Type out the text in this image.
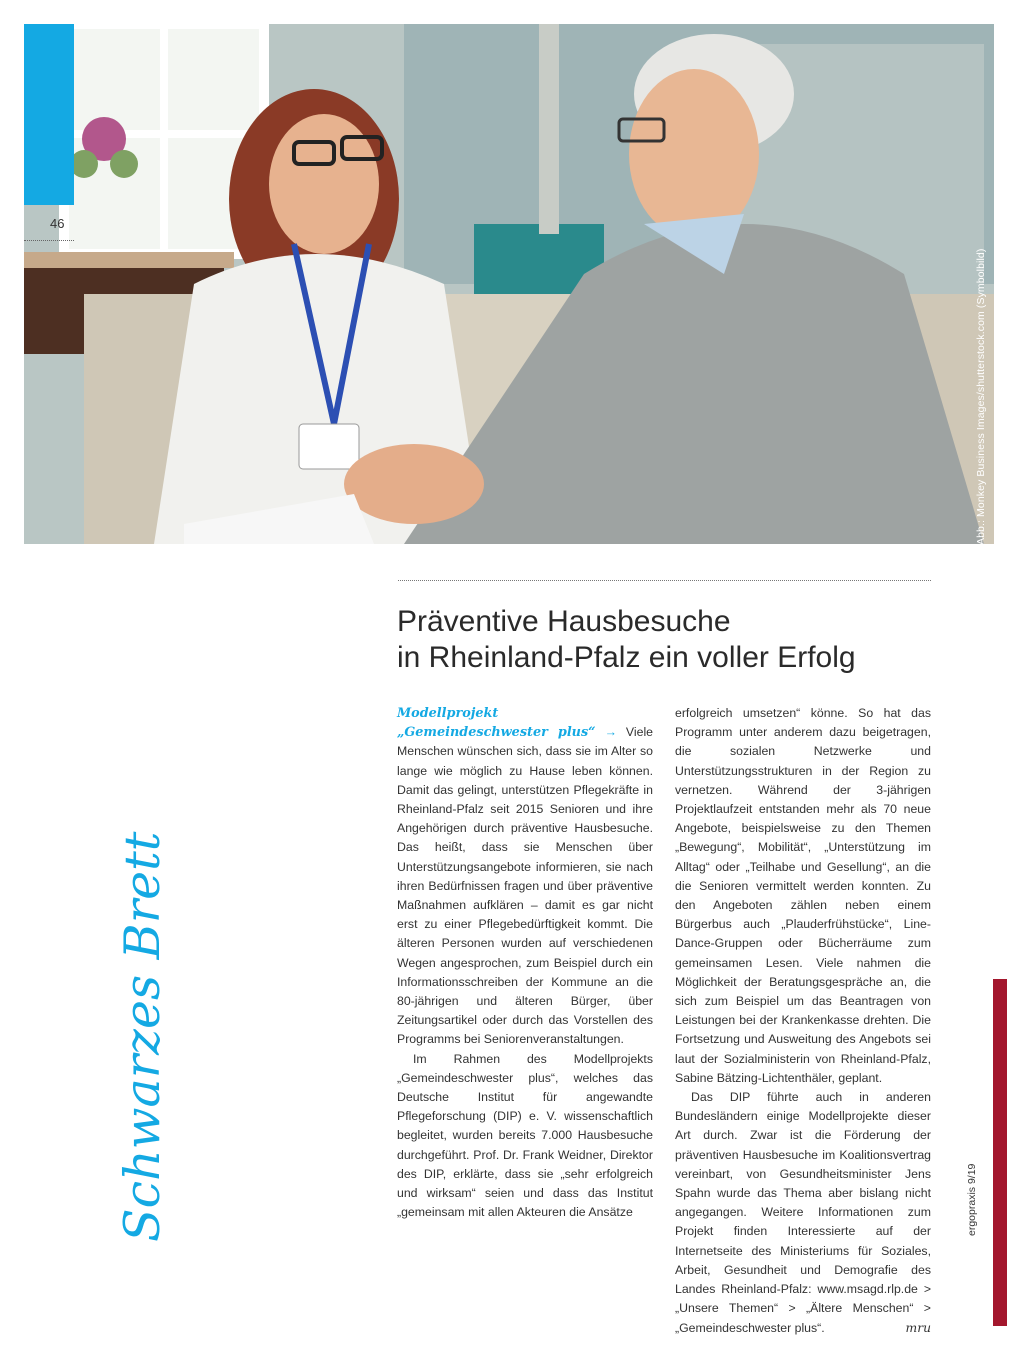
46
Abb.: Monkey Business Images/shutterstock.com (Symbolbild)
Schwarzes Brett
Präventive Hausbesuche
in Rheinland-Pfalz ein voller Erfolg

Modellprojekt „Gemeindeschwester plus“ → Viele Menschen wünschen sich, dass sie im Alter so lange wie möglich zu Hause leben können. Damit das gelingt, unterstützen Pflegekräfte in Rheinland-Pfalz seit 2015 Senioren und ihre Angehörigen durch präventive Hausbesuche. Das heißt, dass sie Menschen über Unterstützungsangebote informieren, sie nach ihren Bedürfnissen fragen und über präventive Maßnahmen aufklären – damit es gar nicht erst zu einer Pflegebedürftigkeit kommt. Die älteren Personen wurden auf verschiedenen Wegen angesprochen, zum Beispiel durch ein Informationsschreiben der Kommune an die 80-jährigen und älteren Bürger, über Zeitungsartikel oder durch das Vorstellen des Programms bei Seniorenveranstaltungen.

Im Rahmen des Modellprojekts „Gemeindeschwester plus“, welches das Deutsche Institut für angewandte Pflegeforschung (DIP) e. V. wissenschaftlich begleitet, wurden bereits 7.000 Hausbesuche durchgeführt. Prof. Dr. Frank Weidner, Direktor des DIP, erklärte, dass sie „sehr erfolgreich und wirksam“ seien und dass das Institut „gemeinsam mit allen Akteuren die Ansätze

erfolgreich umsetzen“ könne. So hat das Programm unter anderem dazu beigetragen, die sozialen Netzwerke und Unterstützungsstrukturen in der Region zu vernetzen. Während der 3-jährigen Projektlaufzeit entstanden mehr als 70 neue Angebote, beispielsweise zu den Themen „Bewegung“, Mobilität“, „Unterstützung im Alltag“ oder „Teilhabe und Gesellung“, an die die Senioren vermittelt werden konnten. Zu den Angeboten zählen neben einem Bürgerbus auch „Plauderfrühstücke“, Line-Dance-Gruppen oder Bücherräume zum gemeinsamen Lesen. Viele nahmen die Möglichkeit der Beratungsgespräche an, die sich zum Beispiel um das Beantragen von Leistungen bei der Krankenkasse drehten. Die Fortsetzung und Ausweitung des Angebots sei laut der Sozialministerin von Rheinland-Pfalz, Sabine Bätzing-Lichtenthäler, geplant.

Das DIP führte auch in anderen Bundesländern einige Modellprojekte dieser Art durch. Zwar ist die Förderung der präventiven Hausbesuche im Koalitionsvertrag vereinbart, von Gesundheitsminister Jens Spahn wurde das Thema aber bislang nicht angegangen. Weitere Informationen zum Projekt finden Interessierte auf der Internetseite des Ministeriums für Soziales, Arbeit, Gesundheit und Demografie des Landes Rheinland-Pfalz: www.msagd.rlp.de > „Unsere Themen“ > „Ältere Menschen“ > „Gemeindeschwester plus“.	mru

ergopraxis 9/19
